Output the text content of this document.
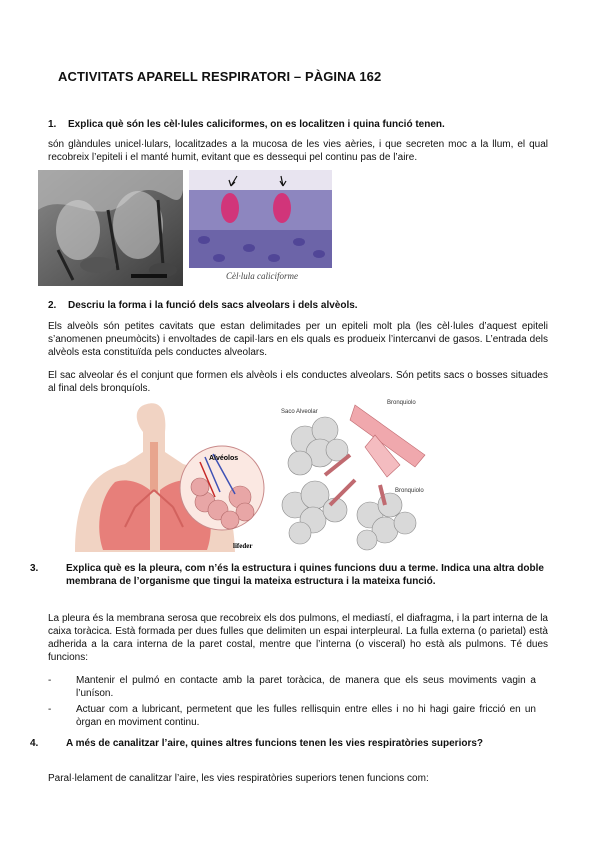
ACTIVITATS APARELL RESPIRATORI – PÀGINA 162

1. Explica què són les cèl·lules caliciformes, on es localitzen i quina funció tenen.

són glàndules unicel·lulars, localitzades a la mucosa de les vies aèries, i que secreten moc a la llum, el qual recobreix l’epiteli i el manté humit, evitant que es dessequi pel continu pas de l’aire.

Cèl·lula caliciforme

2. Descriu la forma i la funció dels sacs alveolars i dels alvèols.

Els alveòls són petites cavitats que estan delimitades per un epiteli molt pla (les cèl·lules d’aquest epiteli s’anomenen pneumòcits) i envoltades de capil·lars en els quals es produeix l’intercanvi de gasos. L’entrada dels alvèols esta constituïda pels conductes alveolars.

El sac alveolar és el conjunt que formen els alvèols i els conductes alveolars. Són petits sacs o bosses situades al final dels bronquíols.

Alvéolos
lifeder
Saco Alveolar
Bronquiolo
Bronquiolo

3.	Explica què es la pleura, com n’és la estructura i quines funcions duu a terme. Indica una altra doble membrana de l’organisme que tingui la mateixa estructura i la mateixa funció.

La pleura és la membrana serosa que recobreix els dos pulmons, el mediastí, el diafragma, i la part interna de la caixa toràcica. Està formada per dues fulles que delimiten un espai interpleural. La fulla externa (o parietal) està adherida a la cara interna de la paret costal, mentre que l’interna (o visceral) ho està als pulmons. Té dues funcions:

- Mantenir el pulmó en contacte amb la paret toràcica, de manera que els seus moviments vagin a l’uníson.
- Actuar com a lubricant, permetent que les fulles rellisquin entre elles i no hi hagi gaire fricció en un òrgan en moviment continu.

4.	A més de canalitzar l’aire, quines altres funcions tenen les vies respiratòries superiors?

Paral·lelament de canalitzar l’aire, les vies respiratòries superiors tenen funcions com:
